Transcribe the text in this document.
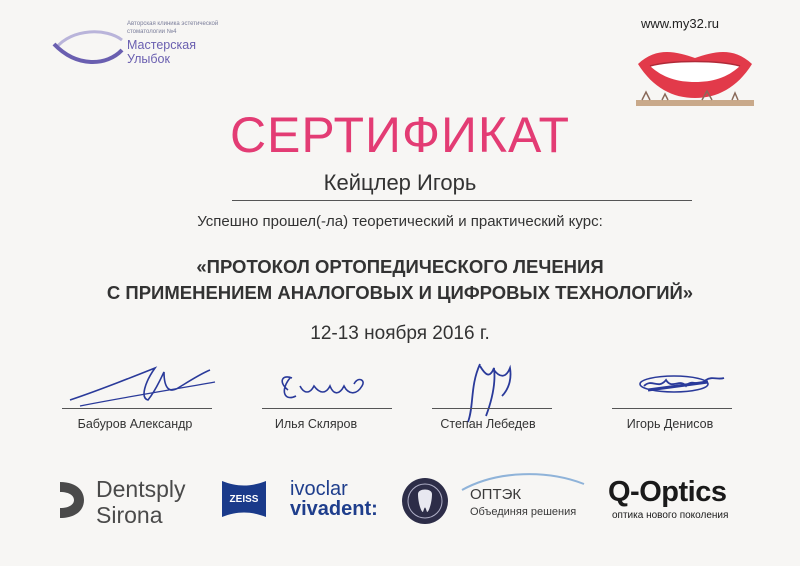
Авторская клиника эстетической стоматологии №4
Мастерская
Улыбок
www.my32.ru
СЕРТИФИКАТ
Кейцлер Игорь
Успешно прошел(-ла) теоретический и практический курс:
«ПРОТОКОЛ ОРТОПЕДИЧЕСКОГО ЛЕЧЕНИЯ
С ПРИМЕНЕНИЕМ АНАЛОГОВЫХ И ЦИФРОВЫХ ТЕХНОЛОГИЙ»
12-13 ноября 2016 г.
Бабуров Александр	Илья Скляров	Степан Лебедев	Игорь Денисов
Dentsply
Sirona
ZEISS ivoclar
vivadent:
ОПТЭК
Объединяя решения
Q-Optics
оптика нового поколения
